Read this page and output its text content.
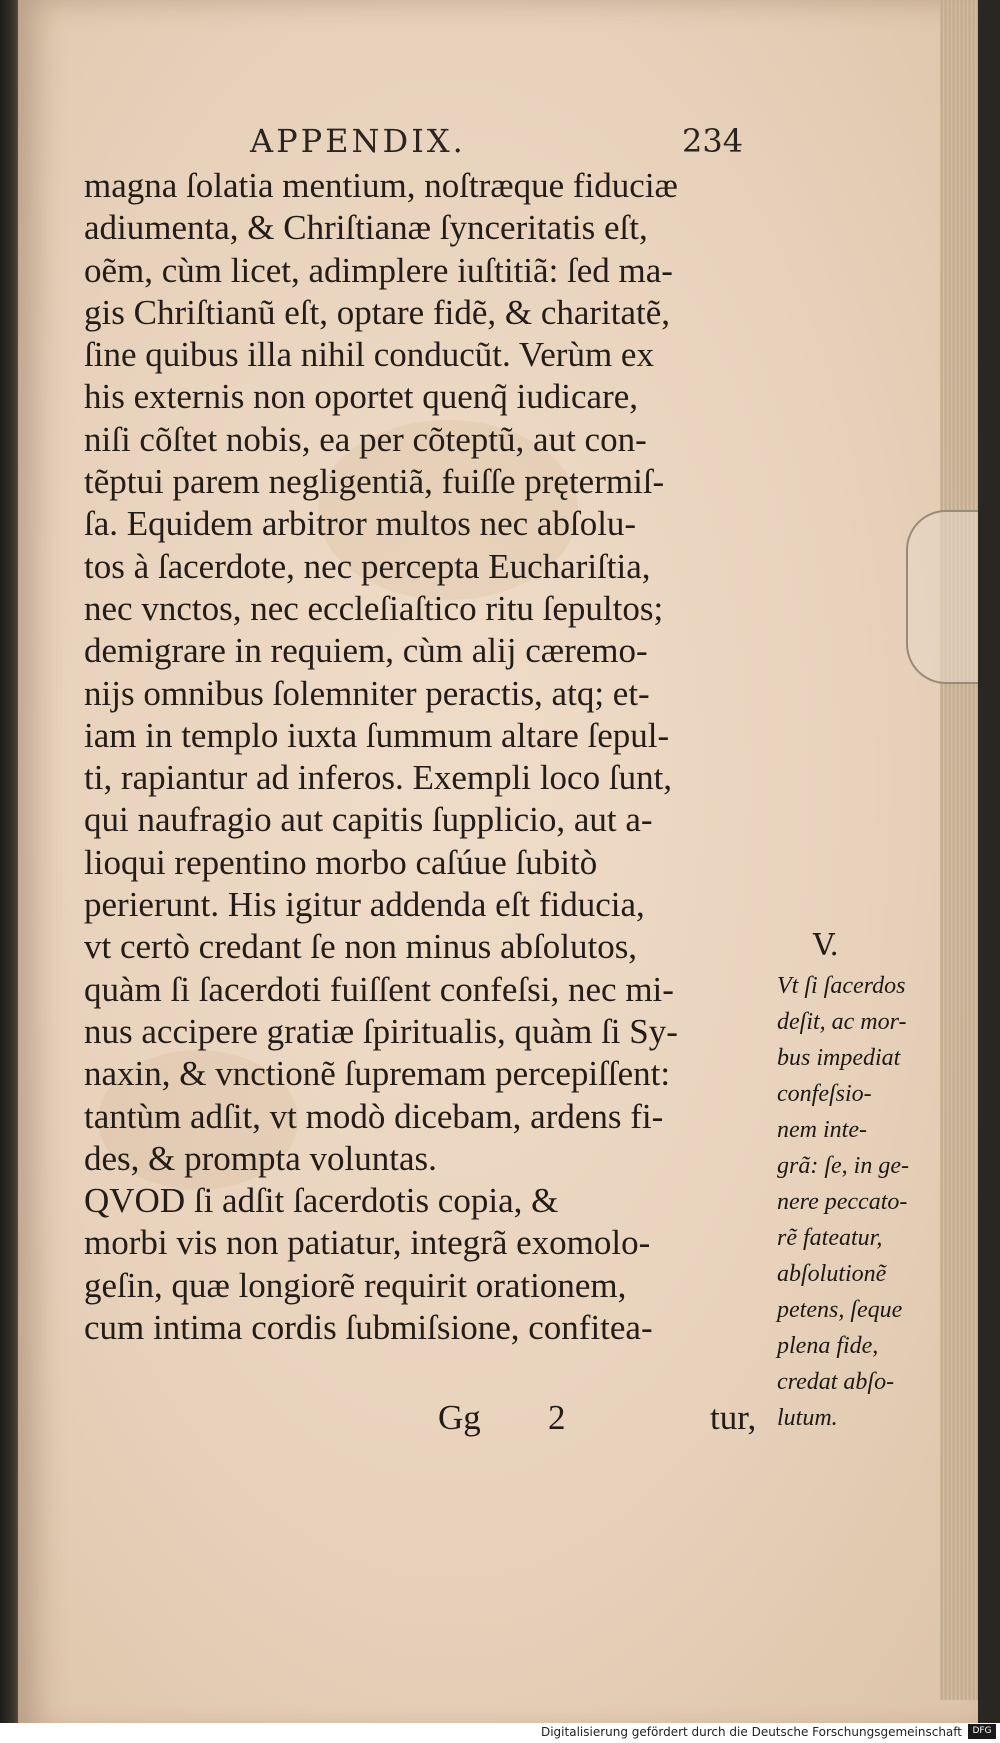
APPENDIX.	234
magna ſolatia mentium, noſtræque fiduciæ
adiumenta, & Chriſtianæ ſynceritatis eſt,
oẽm, cùm licet, adimplere iuſtitiã: ſed ma-
gis Chriſtianũ eſt, optare fidẽ, & charitatẽ,
ſine quibus illa nihil conducũt. Verùm ex
his externis non oportet quenq̃ iudicare,
niſi cõſtet nobis, ea per cõteptũ, aut con-
tẽptui parem negligentiã, fuiſſe prętermiſ-
ſa. Equidem arbitror multos nec abſolu-
tos à ſacerdote, nec percepta Euchariſtia,
nec vnctos, nec eccleſiaſtico ritu ſepultos;
demigrare in requiem, cùm alij cæremo-
nijs omnibus ſolemniter peractis, atq; et-
iam in templo iuxta ſummum altare ſepul-
ti, rapiantur ad inferos. Exempli loco ſunt,
qui naufragio aut capitis ſupplicio, aut a-
lioqui repentino morbo caſúue ſubitò
perierunt. His igitur addenda eſt fiducia,
vt certò credant ſe non minus abſolutos,
quàm ſi ſacerdoti fuiſſent confeſsi, nec mi-
nus accipere gratiæ ſpiritualis, quàm ſi Sy-
naxin, & vnctionẽ ſupremam percepiſſent:
tantùm adſit, vt modò dicebam, ardens fi-
des, & prompta voluntas.
QVOD ſi adſit ſacerdotis copia, &
morbi vis non patiatur, integrã exomolo-
geſin, quæ longiorẽ requirit orationem,
cum intima cordis ſubmiſsione, confitea-
V.
Vt ſi ſacerdos
deſit, ac mor-
bus impediat
confeſsio-
nem inte-
grã: ſe, in ge-
nere peccato-
rẽ fateatur,
abſolutionẽ
petens, ſeque
plena fide,
credat abſo-
lutum.
Gg 2	tur,
Digitalisierung gefördert durch die Deutsche Forschungsgemeinschaft	DFG
